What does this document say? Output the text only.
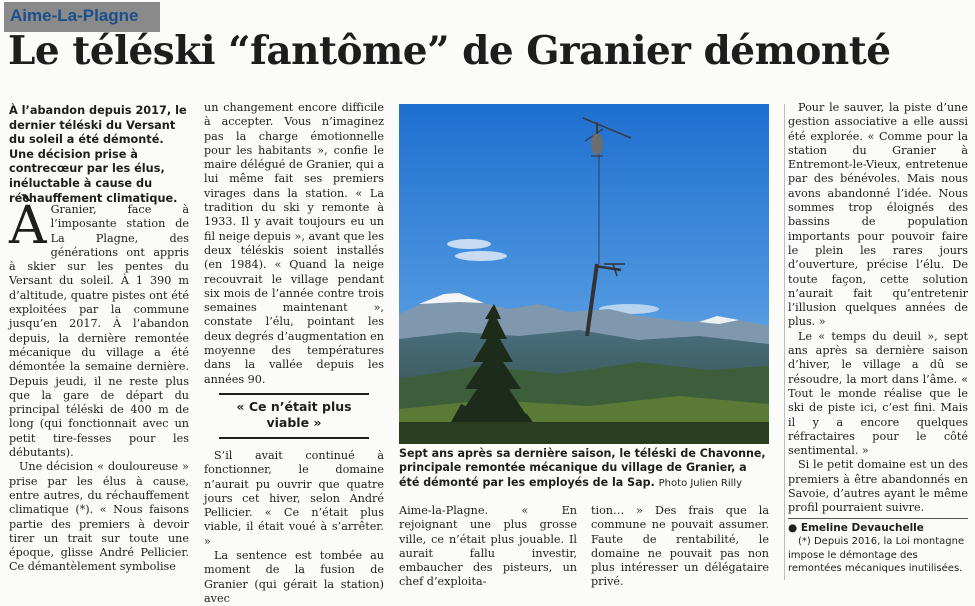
Aime-La-Plagne
Le téléski “fantôme” de Granier démonté
À l’abandon depuis 2017, le dernier téléski du Versant du soleil a été démonté. Une décision prise à contrecœur par les élus, inéluctable à cause du réchauffement climatique.

À Granier, face à l’imposante station de La Plagne, des générations ont appris à skier sur les pentes du Versant du soleil. À 1 390 m d’altitude, quatre pistes ont été exploitées par la commune jusqu’en 2017. À l’abandon depuis, la dernière remontée mécanique du village a été démontée la semaine dernière. Depuis jeudi, il ne reste plus que la gare de départ du principal téléski de 400 m de long (qui fonctionnait avec un petit tire-fesses pour les débutants).

Une décision « douloureuse » prise par les élus à cause, entre autres, du réchauffement climatique (*). « Nous faisons partie des premiers à devoir tirer un trait sur toute une époque, glisse André Pellicier. Ce démantèlement symbolise

un changement encore difficile à accepter. Vous n’imaginez pas la charge émotionnelle pour les habitants », confie le maire délégué de Granier, qui a lui même fait ses premiers virages dans la station. « La tradition du ski y remonte à 1933. Il y avait toujours eu un fil neige depuis », avant que les deux téléskis soient installés (en 1984). « Quand la neige recouvrait le village pendant six mois de l’année contre trois semaines maintenant », constate l’élu, pointant les deux degrés d’augmentation en moyenne des températures dans la vallée depuis les années 90.

« Ce n’était plus viable »

S’il avait continué à fonctionner, le domaine n’aurait pu ouvrir que quatre jours cet hiver, selon André Pellicier. « Ce n’était plus viable, il était voué à s’arrêter. »

La sentence est tombée au moment de la fusion de Granier (qui gérait la station) avec

Sept ans après sa dernière saison, le téléski de Chavonne, principale remontée mécanique du village de Granier, a été démonté par les employés de la Sap. Photo Julien Rilly

Aime-la-Plagne. « En rejoignant une plus grosse ville, ce n’était plus jouable. Il aurait fallu investir, embaucher des pisteurs, un chef d’exploita-

tion… » Des frais que la commune ne pouvait assumer. Faute de rentabilité, le domaine ne pouvait pas non plus intéresser un délégataire privé.

Pour le sauver, la piste d’une gestion associative a elle aussi été explorée. « Comme pour la station du Granier à Entremont-le-Vieux, entretenue par des bénévoles. Mais nous avons abandonné l’idée. Nous sommes trop éloignés des bassins de population importants pour pouvoir faire le plein les rares jours d’ouverture, précise l’élu. De toute façon, cette solution n’aurait fait qu’entretenir l’illusion quelques années de plus. »

Le « temps du deuil », sept ans après sa dernière saison d’hiver, le village a dû se résoudre, la mort dans l’âme. « Tout le monde réalise que le ski de piste ici, c’est fini. Mais il y a encore quelques réfractaires pour le côté sentimental. »

Si le petit domaine est un des premiers à être abandonnés en Savoie, d’autres ayant le même profil pourraient suivre.

● Emeline Devauchelle

(*) Depuis 2016, la Loi montagne impose le démontage des remontées mécaniques inutilisées.
